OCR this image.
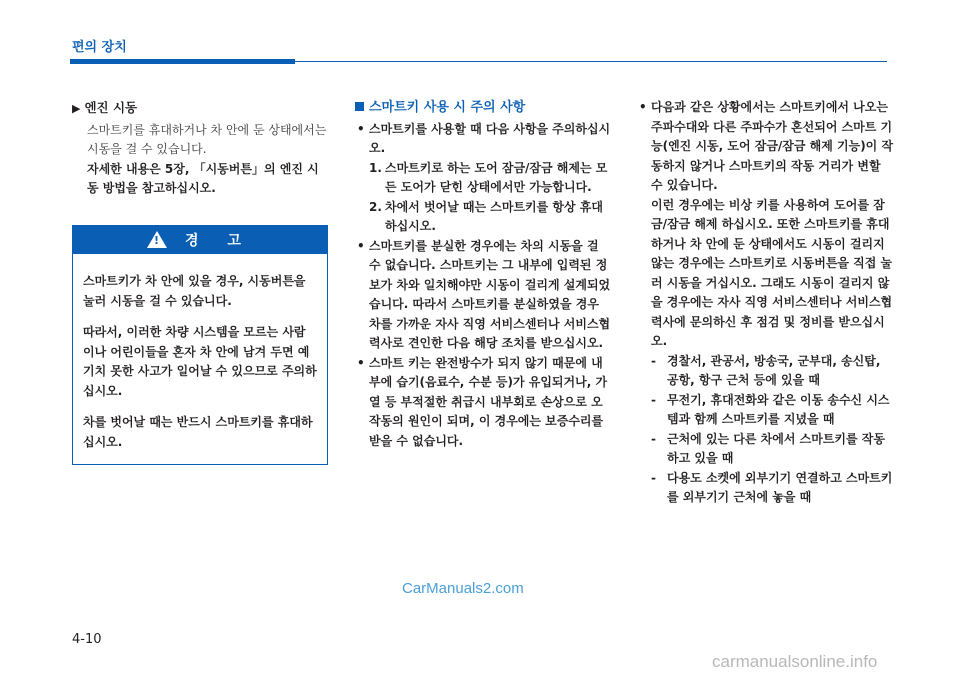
편의 장치
▶ 엔진 시동

스마트키를 휴대하거나 차 안에 둔 상태에서는 시동을 걸 수 있습니다.

자세한 내용은 5장, 「시동버튼」의 엔진 시동 방법을 참고하십시오.

!
경 고

스마트키가 차 안에 있을 경우, 시동버튼을 눌러 시동을 걸 수 있습니다.

따라서, 이러한 차량 시스템을 모르는 사람이나 어린이들을 혼자 차 안에 남겨 두면 예기치 못한 사고가 일어날 수 있으므로 주의하십시오.

차를 벗어날 때는 반드시 스마트키를 휴대하십시오.

스마트키 사용 시 주의 사항

• 스마트키를 사용할 때 다음 사항을 주의하십시오.

1. 스마트키로 하는 도어 잠금/잠금 해제는 모든 도어가 닫힌 상태에서만 가능합니다.

2. 차에서 벗어날 때는 스마트키를 항상 휴대하십시오.

• 스마트키를 분실한 경우에는 차의 시동을 걸 수 없습니다. 스마트키는 그 내부에 입력된 정보가 차와 일치해야만 시동이 걸리게 설계되었습니다. 따라서 스마트키를 분실하였을 경우 차를 가까운 자사 직영 서비스센터나 서비스협력사로 견인한 다음 해당 조치를 받으십시오.

• 스마트 키는 완전방수가 되지 않기 때문에 내부에 습기(음료수, 수분 등)가 유입되거나, 가열 등 부적절한 취급시 내부회로 손상으로 오작동의 원인이 되며, 이 경우에는 보증수리를 받을 수 없습니다.

• 다음과 같은 상황에서는 스마트키에서 나오는 주파수대와 다른 주파수가 혼선되어 스마트 기능(엔진 시동, 도어 잠금/잠금 해제 기능)이 작동하지 않거나 스마트키의 작동 거리가 변할 수 있습니다.

이런 경우에는 비상 키를 사용하여 도어를 잠금/잠금 해제 하십시오. 또한 스마트키를 휴대하거나 차 안에 둔 상태에서도 시동이 걸리지 않는 경우에는 스마트키로 시동버튼을 직접 눌러 시동을 거십시오. 그래도 시동이 걸리지 않을 경우에는 자사 직영 서비스센터나 서비스협력사에 문의하신 후 점검 및 정비를 받으십시오.

- 경찰서, 관공서, 방송국, 군부대, 송신탑, 공항, 항구 근처 등에 있을 때

- 무전기, 휴대전화와 같은 이동 송수신 시스템과 함께 스마트키를 지녔을 때

- 근처에 있는 다른 차에서 스마트키를 작동하고 있을 때

- 다용도 소켓에 외부기기 연결하고 스마트키를 외부기기 근처에 놓을 때

CarManuals2.com
4-10
carmanualsonline.info
